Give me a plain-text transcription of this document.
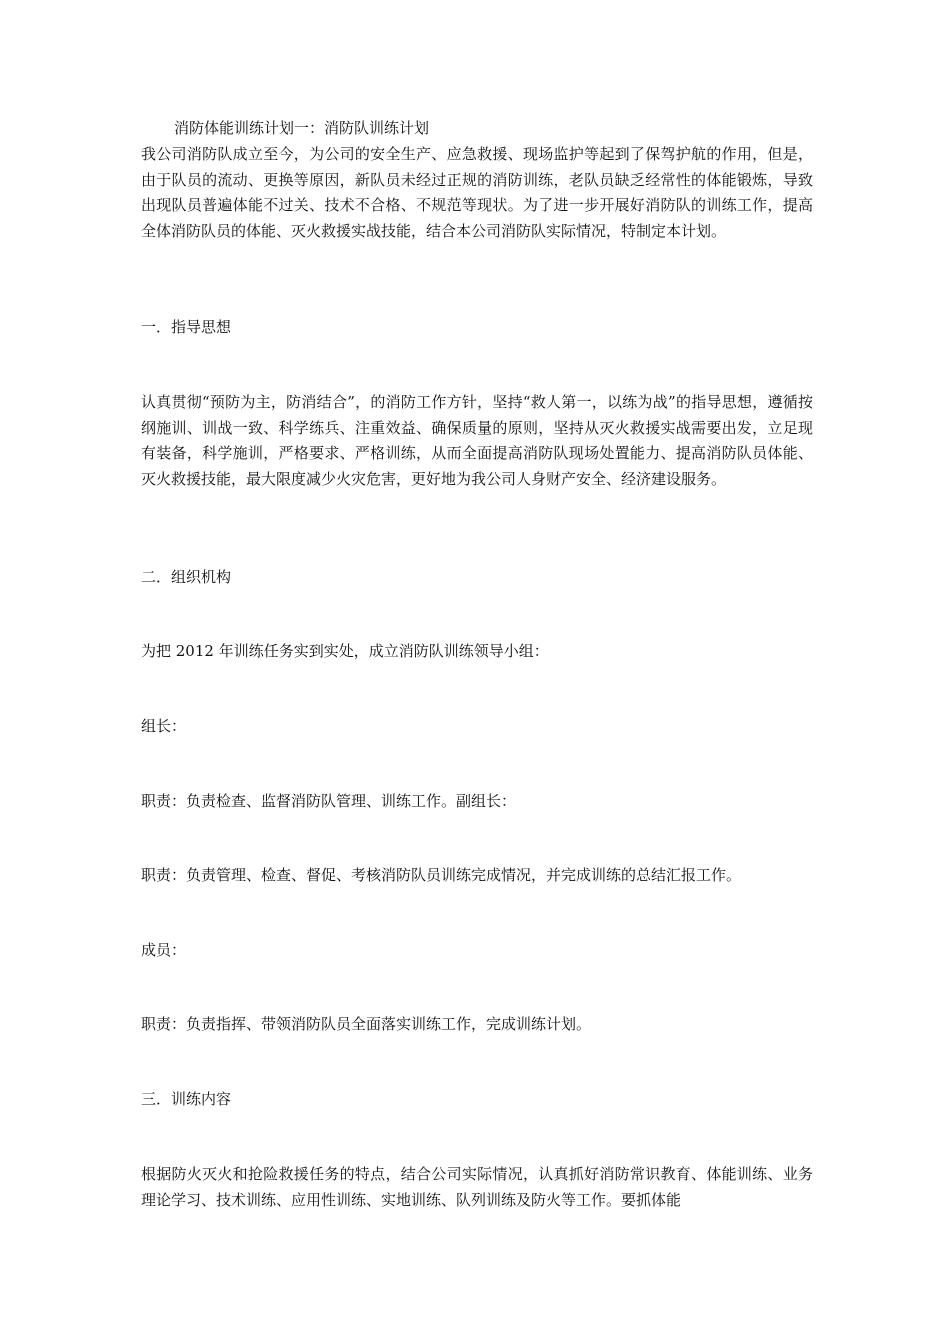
消防体能训练计划一：消防队训练计划

我公司消防队成立至今，为公司的安全生产、应急救援、现场监护等起到了保驾护航的作用，但是，由于队员的流动、更换等原因，新队员未经过正规的消防训练，老队员缺乏经常性的体能锻炼，导致出现队员普遍体能不过关、技术不合格、不规范等现状。为了进一步开展好消防队的训练工作，提高全体消防队员的体能、灭火救援实战技能，结合本公司消防队实际情况，特制定本计划。

一．指导思想

认真贯彻“预防为主，防消结合”，的消防工作方针，坚持“救人第一，以练为战”的指导思想，遵循按纲施训、训战一致、科学练兵、注重效益、确保质量的原则，坚持从灭火救援实战需要出发，立足现有装备，科学施训，严格要求、严格训练，从而全面提高消防队现场处置能力、提高消防队员体能、灭火救援技能，最大限度减少火灾危害，更好地为我公司人身财产安全、经济建设服务。

二．组织机构

为把 2012 年训练任务实到实处，成立消防队训练领导小组：

组长：

职责：负责检查、监督消防队管理、训练工作。副组长：

职责：负责管理、检查、督促、考核消防队员训练完成情况，并完成训练的总结汇报工作。

成员：

职责：负责指挥、带领消防队员全面落实训练工作，完成训练计划。

三．训练内容

根据防火灭火和抢险救援任务的特点，结合公司实际情况，认真抓好消防常识教育、体能训练、业务理论学习、技术训练、应用性训练、实地训练、队列训练及防火等工作。要抓体能
